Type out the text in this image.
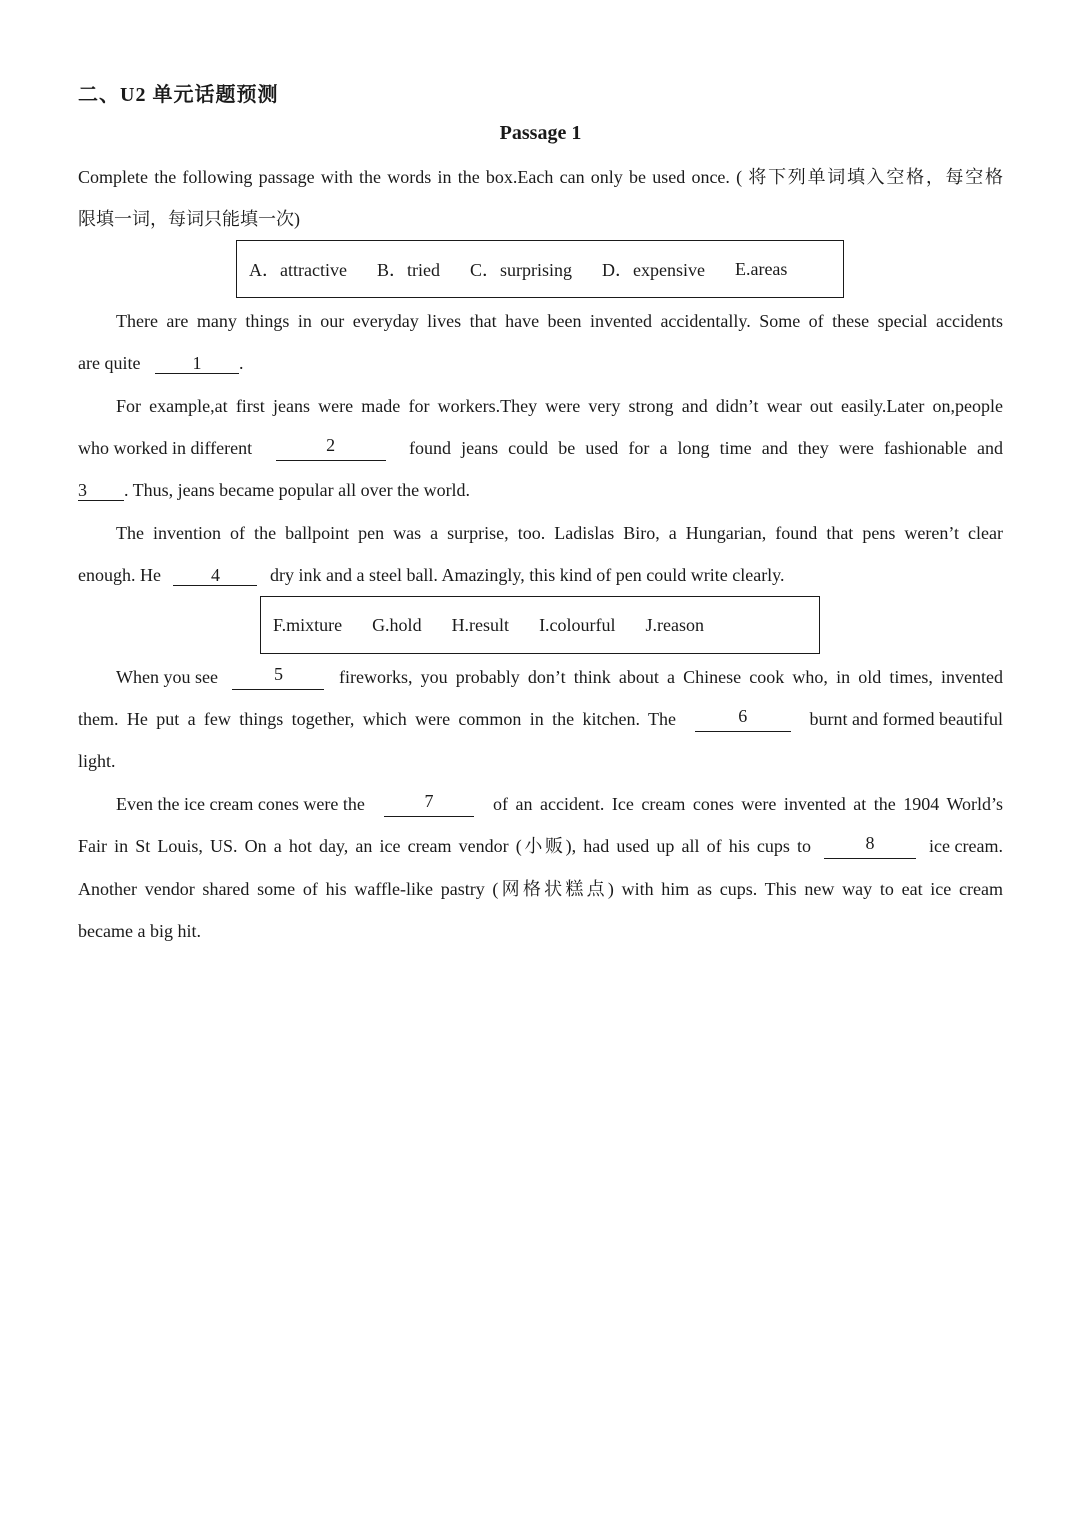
二、U2 单元话题预测
Passage 1
Complete the following passage with the words in the box.Each can only be used once. ( 将下列单词填入空格，每空格
限填一词，每词只能填一次)
A．attractive B．tried C．surprising D．expensive E.areas
There are many things in our everyday lives that have been invented accidentally. Some of these special accidents
are quite	1 .
For example,at first jeans were made for workers.They were very strong and didn’t wear out easily.Later on,people
who worked in different	2	found jeans could be used for a long time and they were fashionable and
3 . Thus, jeans became popular all over the world.
The invention of the ballpoint pen was a surprise, too. Ladislas Biro, a Hungarian, found that pens weren’t clear
enough. He	4	dry ink and a steel ball. Amazingly, this kind of pen could write clearly.
F.mixture G.hold H.result I.colourful J.reason
When you see	5	fireworks, you probably don’t think about a Chinese cook who, in old times, invented
them. He put a few things together, which were common in the kitchen. The	6	burnt and formed beautiful
light.
Even the ice cream cones were the	7	of an accident. Ice cream cones were invented at the 1904 World’s
Fair in St Louis, US. On a hot day, an ice cream vendor (小贩), had used up all of his cups to	8	ice cream.
Another vendor shared some of his waffle-like pastry (网格状糕点) with him as cups. This new way to eat ice cream
became a big hit.
